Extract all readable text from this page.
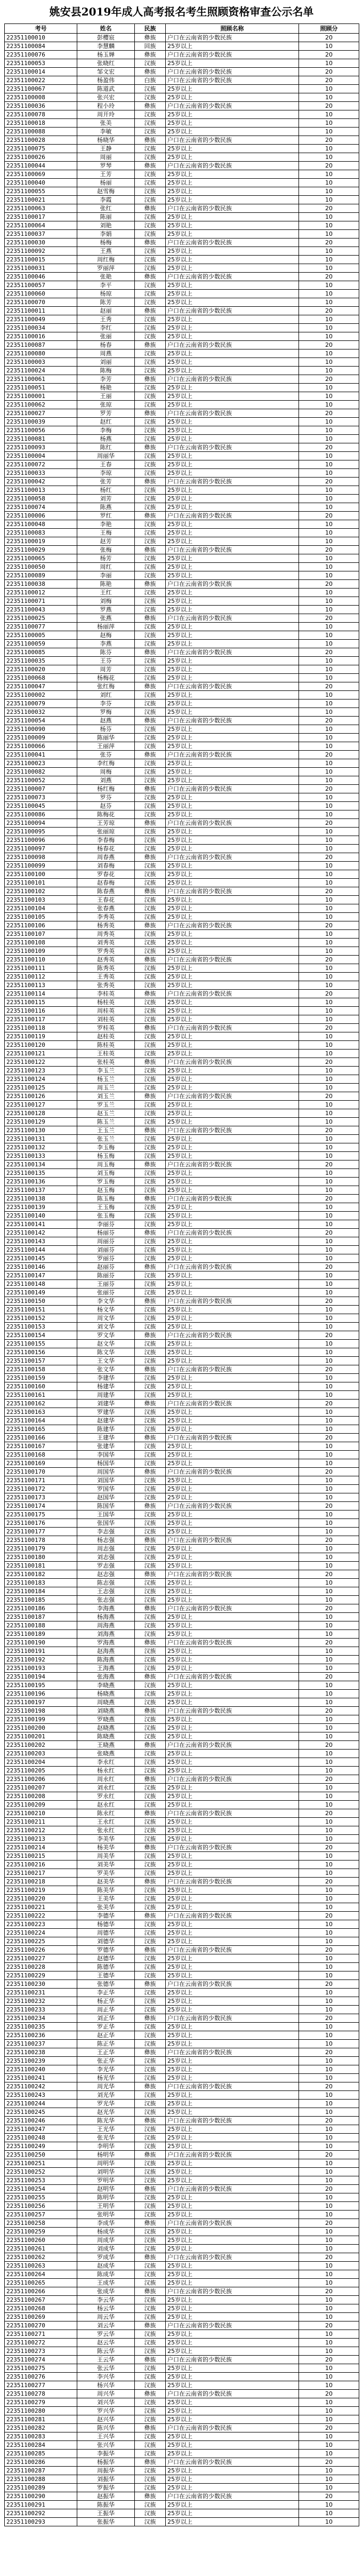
姚安县2019年成人高考报名考生照顾资格审查公示名单
考号	姓名	民族	照顾名称	照顾分
22351100010	彭樱宸	彝族	户口在云南省的少数民族	20
22351100084	李慧麟	回族	25岁以上	10
22351100076	杨玉婵	彝族	户口在云南省的少数民族	20
22351100053	张晓红	汉族	25岁以上	10
22351100014	邹文宏	彝族	户口在云南省的少数民族	20
22351100022	杨盈伟	白族	户口在云南省的少数民族	20
22351100067	陈道武	汉族	25岁以上	10
22351100008	张兴宏	汉族	25岁以上	10
22351100036	程小玲	彝族	户口在云南省的少数民族	20
22351100078	周开玲	汉族	25岁以上	10
22351100018	张美	汉族	25岁以上	10
22351100088	李敏	汉族	25岁以上	10
22351100028	杨晓华	彝族	户口在云南省的少数民族	20
22351100075	王静	汉族	25岁以上	10
22351100026	周丽	汉族	25岁以上	10
22351100044	罗琴	彝族	户口在云南省的少数民族	20
22351100069	王芳	汉族	25岁以上	10
22351100040	杨丽	汉族	25岁以上	10
22351100055	赵雪梅	汉族	25岁以上	10
22351100021	李霞	汉族	25岁以上	10
22351100063	张红	彝族	户口在云南省的少数民族	20
22351100017	陈丽	汉族	25岁以上	10
22351100064	刘艳	汉族	25岁以上	10
22351100037	李娟	汉族	25岁以上	10
22351100030	杨梅	彝族	户口在云南省的少数民族	20
22351100092	王燕	汉族	25岁以上	10
22351100015	周红梅	汉族	25岁以上	10
22351100031	罗丽萍	汉族	25岁以上	10
22351100046	张艳	彝族	户口在云南省的少数民族	20
22351100057	李平	汉族	25岁以上	10
22351100060	杨琼	汉族	25岁以上	10
22351100070	陈芳	汉族	25岁以上	10
22351100011	赵丽	彝族	户口在云南省的少数民族	20
22351100049	王秀	汉族	25岁以上	10
22351100034	李红	汉族	25岁以上	10
22351100016	张丽	汉族	25岁以上	10
22351100087	杨春	彝族	户口在云南省的少数民族	20
22351100080	周燕	汉族	25岁以上	10
22351100003	刘丽	汉族	25岁以上	10
22351100024	陈梅	汉族	25岁以上	10
22351100061	李芳	彝族	户口在云南省的少数民族	20
22351100051	杨艳	汉族	25岁以上	10
22351100001	王丽	汉族	25岁以上	10
22351100062	张琼	汉族	25岁以上	10
22351100027	罗芳	彝族	户口在云南省的少数民族	20
22351100039	赵红	汉族	25岁以上	10
22351100056	李梅	汉族	25岁以上	10
22351100081	杨燕	汉族	25岁以上	10
22351100093	陈红	彝族	户口在云南省的少数民族	20
22351100004	周丽华	汉族	25岁以上	10
22351100072	王春	汉族	25岁以上	10
22351100033	李琼	汉族	25岁以上	10
22351100042	张芳	彝族	户口在云南省的少数民族	20
22351100013	杨红	汉族	25岁以上	10
22351100058	刘芳	汉族	25岁以上	10
22351100074	陈燕	汉族	25岁以上	10
22351100006	罗红	彝族	户口在云南省的少数民族	20
22351100048	李艳	汉族	25岁以上	10
22351100083	王梅	汉族	25岁以上	10
22351100019	赵芳	汉族	25岁以上	10
22351100029	张梅	彝族	户口在云南省的少数民族	20
22351100065	杨芳	汉族	25岁以上	10
22351100050	周红	汉族	25岁以上	10
22351100089	李丽	汉族	25岁以上	10
22351100038	陈艳	彝族	户口在云南省的少数民族	20
22351100012	王红	汉族	25岁以上	10
22351100071	刘梅	汉族	25岁以上	10
22351100043	罗燕	汉族	25岁以上	10
22351100025	张燕	彝族	户口在云南省的少数民族	20
22351100077	杨丽萍	汉族	25岁以上	10
22351100005	赵梅	汉族	25岁以上	10
22351100059	李燕	汉族	25岁以上	10
22351100085	陈芬	彝族	户口在云南省的少数民族	20
22351100035	王芬	汉族	25岁以上	10
22351100020	周芳	汉族	25岁以上	10
22351100068	杨梅花	汉族	25岁以上	10
22351100047	张红梅	彝族	户口在云南省的少数民族	20
22351100002	刘红	汉族	25岁以上	10
22351100079	李芬	汉族	25岁以上	10
22351100032	罗梅	汉族	25岁以上	10
22351100054	赵燕	彝族	户口在云南省的少数民族	20
22351100090	杨芬	汉族	25岁以上	10
22351100009	陈丽华	汉族	25岁以上	10
22351100066	王丽萍	汉族	25岁以上	10
22351100041	张芬	彝族	户口在云南省的少数民族	20
22351100023	李红梅	汉族	25岁以上	10
22351100082	周梅	汉族	25岁以上	10
22351100052	刘燕	汉族	25岁以上	10
22351100007	杨红梅	彝族	户口在云南省的少数民族	20
22351100073	罗芬	汉族	25岁以上	10
22351100045	赵芬	汉族	25岁以上	10
22351100086	陈梅花	汉族	25岁以上	10
22351100094	王芳琼	彝族	户口在云南省的少数民族	20
22351100095	张丽琼	汉族	25岁以上	10
22351100096	李春梅	汉族	25岁以上	10
22351100097	杨春花	汉族	25岁以上	10
22351100098	周春燕	彝族	户口在云南省的少数民族	20
22351100099	刘春梅	汉族	25岁以上	10
22351100100	罗春花	汉族	25岁以上	10
22351100101	赵春梅	汉族	25岁以上	10
22351100102	陈春燕	彝族	户口在云南省的少数民族	20
22351100103	王春花	汉族	25岁以上	10
22351100104	张春燕	汉族	25岁以上	10
22351100105	李秀英	汉族	25岁以上	10
22351100106	杨秀英	彝族	户口在云南省的少数民族	20
22351100107	周秀英	汉族	25岁以上	10
22351100108	刘秀英	汉族	25岁以上	10
22351100109	罗秀英	汉族	25岁以上	10
22351100110	赵秀英	彝族	户口在云南省的少数民族	20
22351100111	陈秀英	汉族	25岁以上	10
22351100112	王秀英	汉族	25岁以上	10
22351100113	张秀英	汉族	25岁以上	10
22351100114	李桂英	彝族	户口在云南省的少数民族	20
22351100115	杨桂英	汉族	25岁以上	10
22351100116	周桂英	汉族	25岁以上	10
22351100117	刘桂英	汉族	25岁以上	10
22351100118	罗桂英	彝族	户口在云南省的少数民族	20
22351100119	赵桂英	汉族	25岁以上	10
22351100120	陈桂英	汉族	25岁以上	10
22351100121	王桂英	汉族	25岁以上	10
22351100122	张桂英	彝族	户口在云南省的少数民族	20
22351100123	李玉兰	汉族	25岁以上	10
22351100124	杨玉兰	汉族	25岁以上	10
22351100125	周玉兰	汉族	25岁以上	10
22351100126	刘玉兰	彝族	户口在云南省的少数民族	20
22351100127	罗玉兰	汉族	25岁以上	10
22351100128	赵玉兰	汉族	25岁以上	10
22351100129	陈玉兰	汉族	25岁以上	10
22351100130	王玉兰	彝族	户口在云南省的少数民族	20
22351100131	张玉兰	汉族	25岁以上	10
22351100132	李玉梅	汉族	25岁以上	10
22351100133	杨玉梅	汉族	25岁以上	10
22351100134	周玉梅	彝族	户口在云南省的少数民族	20
22351100135	刘玉梅	汉族	25岁以上	10
22351100136	罗玉梅	汉族	25岁以上	10
22351100137	赵玉梅	汉族	25岁以上	10
22351100138	陈玉梅	彝族	户口在云南省的少数民族	20
22351100139	王玉梅	汉族	25岁以上	10
22351100140	张玉梅	汉族	25岁以上	10
22351100141	李丽芬	汉族	25岁以上	10
22351100142	杨丽芬	彝族	户口在云南省的少数民族	20
22351100143	周丽芬	汉族	25岁以上	10
22351100144	刘丽芬	汉族	25岁以上	10
22351100145	罗丽芬	汉族	25岁以上	10
22351100146	赵丽芬	彝族	户口在云南省的少数民族	20
22351100147	陈丽芬	汉族	25岁以上	10
22351100148	王丽芬	汉族	25岁以上	10
22351100149	张丽芬	汉族	25岁以上	10
22351100150	李文华	彝族	户口在云南省的少数民族	20
22351100151	杨文华	汉族	25岁以上	10
22351100152	周文华	汉族	25岁以上	10
22351100153	刘文华	汉族	25岁以上	10
22351100154	罗文华	彝族	户口在云南省的少数民族	20
22351100155	赵文华	汉族	25岁以上	10
22351100156	陈文华	汉族	25岁以上	10
22351100157	王文华	汉族	25岁以上	10
22351100158	张文华	彝族	户口在云南省的少数民族	20
22351100159	李建华	汉族	25岁以上	10
22351100160	杨建华	汉族	25岁以上	10
22351100161	周建华	汉族	25岁以上	10
22351100162	刘建华	彝族	户口在云南省的少数民族	20
22351100163	罗建华	汉族	25岁以上	10
22351100164	赵建华	汉族	25岁以上	10
22351100165	陈建华	汉族	25岁以上	10
22351100166	王建华	彝族	户口在云南省的少数民族	20
22351100167	张建华	汉族	25岁以上	10
22351100168	李国华	汉族	25岁以上	10
22351100169	杨国华	汉族	25岁以上	10
22351100170	周国华	彝族	户口在云南省的少数民族	20
22351100171	刘国华	汉族	25岁以上	10
22351100172	罗国华	汉族	25岁以上	10
22351100173	赵国华	汉族	25岁以上	10
22351100174	陈国华	彝族	户口在云南省的少数民族	20
22351100175	王国华	汉族	25岁以上	10
22351100176	张国华	汉族	25岁以上	10
22351100177	李志强	汉族	25岁以上	10
22351100178	杨志强	彝族	户口在云南省的少数民族	20
22351100179	周志强	汉族	25岁以上	10
22351100180	刘志强	汉族	25岁以上	10
22351100181	罗志强	汉族	25岁以上	10
22351100182	赵志强	彝族	户口在云南省的少数民族	20
22351100183	陈志强	汉族	25岁以上	10
22351100184	王志强	汉族	25岁以上	10
22351100185	张志强	汉族	25岁以上	10
22351100186	李海燕	彝族	户口在云南省的少数民族	20
22351100187	杨海燕	汉族	25岁以上	10
22351100188	周海燕	汉族	25岁以上	10
22351100189	刘海燕	汉族	25岁以上	10
22351100190	罗海燕	彝族	户口在云南省的少数民族	20
22351100191	赵海燕	汉族	25岁以上	10
22351100192	陈海燕	汉族	25岁以上	10
22351100193	王海燕	汉族	25岁以上	10
22351100194	张海燕	彝族	户口在云南省的少数民族	20
22351100195	李晓燕	汉族	25岁以上	10
22351100196	杨晓燕	汉族	25岁以上	10
22351100197	周晓燕	汉族	25岁以上	10
22351100198	刘晓燕	彝族	户口在云南省的少数民族	20
22351100199	罗晓燕	汉族	25岁以上	10
22351100200	赵晓燕	汉族	25岁以上	10
22351100201	陈晓燕	汉族	25岁以上	10
22351100202	王晓燕	彝族	户口在云南省的少数民族	20
22351100203	张晓燕	汉族	25岁以上	10
22351100204	李永红	汉族	25岁以上	10
22351100205	杨永红	汉族	25岁以上	10
22351100206	周永红	彝族	户口在云南省的少数民族	20
22351100207	刘永红	汉族	25岁以上	10
22351100208	罗永红	汉族	25岁以上	10
22351100209	赵永红	汉族	25岁以上	10
22351100210	陈永红	彝族	户口在云南省的少数民族	20
22351100211	王永红	汉族	25岁以上	10
22351100212	张永红	汉族	25岁以上	10
22351100213	李美华	汉族	25岁以上	10
22351100214	杨美华	彝族	户口在云南省的少数民族	20
22351100215	周美华	汉族	25岁以上	10
22351100216	刘美华	汉族	25岁以上	10
22351100217	罗美华	汉族	25岁以上	10
22351100218	赵美华	彝族	户口在云南省的少数民族	20
22351100219	陈美华	汉族	25岁以上	10
22351100220	王美华	汉族	25岁以上	10
22351100221	张美华	汉族	25岁以上	10
22351100222	李德华	彝族	户口在云南省的少数民族	20
22351100223	杨德华	汉族	25岁以上	10
22351100224	周德华	汉族	25岁以上	10
22351100225	刘德华	汉族	25岁以上	10
22351100226	罗德华	彝族	户口在云南省的少数民族	20
22351100227	赵德华	汉族	25岁以上	10
22351100228	陈德华	汉族	25岁以上	10
22351100229	王德华	汉族	25岁以上	10
22351100230	张德华	彝族	户口在云南省的少数民族	20
22351100231	李正华	汉族	25岁以上	10
22351100232	杨正华	汉族	25岁以上	10
22351100233	周正华	汉族	25岁以上	10
22351100234	刘正华	彝族	户口在云南省的少数民族	20
22351100235	罗正华	汉族	25岁以上	10
22351100236	赵正华	汉族	25岁以上	10
22351100237	陈正华	汉族	25岁以上	10
22351100238	王正华	彝族	户口在云南省的少数民族	20
22351100239	张正华	汉族	25岁以上	10
22351100240	李光华	汉族	25岁以上	10
22351100241	杨光华	汉族	25岁以上	10
22351100242	周光华	彝族	户口在云南省的少数民族	20
22351100243	刘光华	汉族	25岁以上	10
22351100244	罗光华	汉族	25岁以上	10
22351100245	赵光华	汉族	25岁以上	10
22351100246	陈光华	彝族	户口在云南省的少数民族	20
22351100247	王光华	汉族	25岁以上	10
22351100248	张光华	汉族	25岁以上	10
22351100249	李明华	汉族	25岁以上	10
22351100250	杨明华	彝族	户口在云南省的少数民族	20
22351100251	周明华	汉族	25岁以上	10
22351100252	刘明华	汉族	25岁以上	10
22351100253	罗明华	汉族	25岁以上	10
22351100254	赵明华	彝族	户口在云南省的少数民族	20
22351100255	陈明华	汉族	25岁以上	10
22351100256	王明华	汉族	25岁以上	10
22351100257	张明华	汉族	25岁以上	10
22351100258	李成华	彝族	户口在云南省的少数民族	20
22351100259	杨成华	汉族	25岁以上	10
22351100260	周成华	汉族	25岁以上	10
22351100261	刘成华	汉族	25岁以上	10
22351100262	罗成华	彝族	户口在云南省的少数民族	20
22351100263	赵成华	汉族	25岁以上	10
22351100264	陈成华	汉族	25岁以上	10
22351100265	王成华	汉族	25岁以上	10
22351100266	张成华	彝族	户口在云南省的少数民族	20
22351100267	李云华	汉族	25岁以上	10
22351100268	杨云华	汉族	25岁以上	10
22351100269	周云华	汉族	25岁以上	10
22351100270	刘云华	彝族	户口在云南省的少数民族	20
22351100271	罗云华	汉族	25岁以上	10
22351100272	赵云华	汉族	25岁以上	10
22351100273	陈云华	汉族	25岁以上	10
22351100274	王云华	彝族	户口在云南省的少数民族	20
22351100275	张云华	汉族	25岁以上	10
22351100276	李兴华	汉族	25岁以上	10
22351100277	杨兴华	汉族	25岁以上	10
22351100278	周兴华	彝族	户口在云南省的少数民族	20
22351100279	刘兴华	汉族	25岁以上	10
22351100280	罗兴华	汉族	25岁以上	10
22351100281	赵兴华	汉族	25岁以上	10
22351100282	陈兴华	彝族	户口在云南省的少数民族	20
22351100283	王兴华	汉族	25岁以上	10
22351100284	张兴华	汉族	25岁以上	10
22351100285	李振华	汉族	25岁以上	10
22351100286	杨振华	彝族	户口在云南省的少数民族	20
22351100287	周振华	汉族	25岁以上	10
22351100288	刘振华	汉族	25岁以上	10
22351100289	罗振华	汉族	25岁以上	10
22351100290	赵振华	彝族	户口在云南省的少数民族	20
22351100291	陈振华	汉族	25岁以上	10
22351100292	王振华	汉族	25岁以上	10
22351100293	张振华	汉族	25岁以上	10
